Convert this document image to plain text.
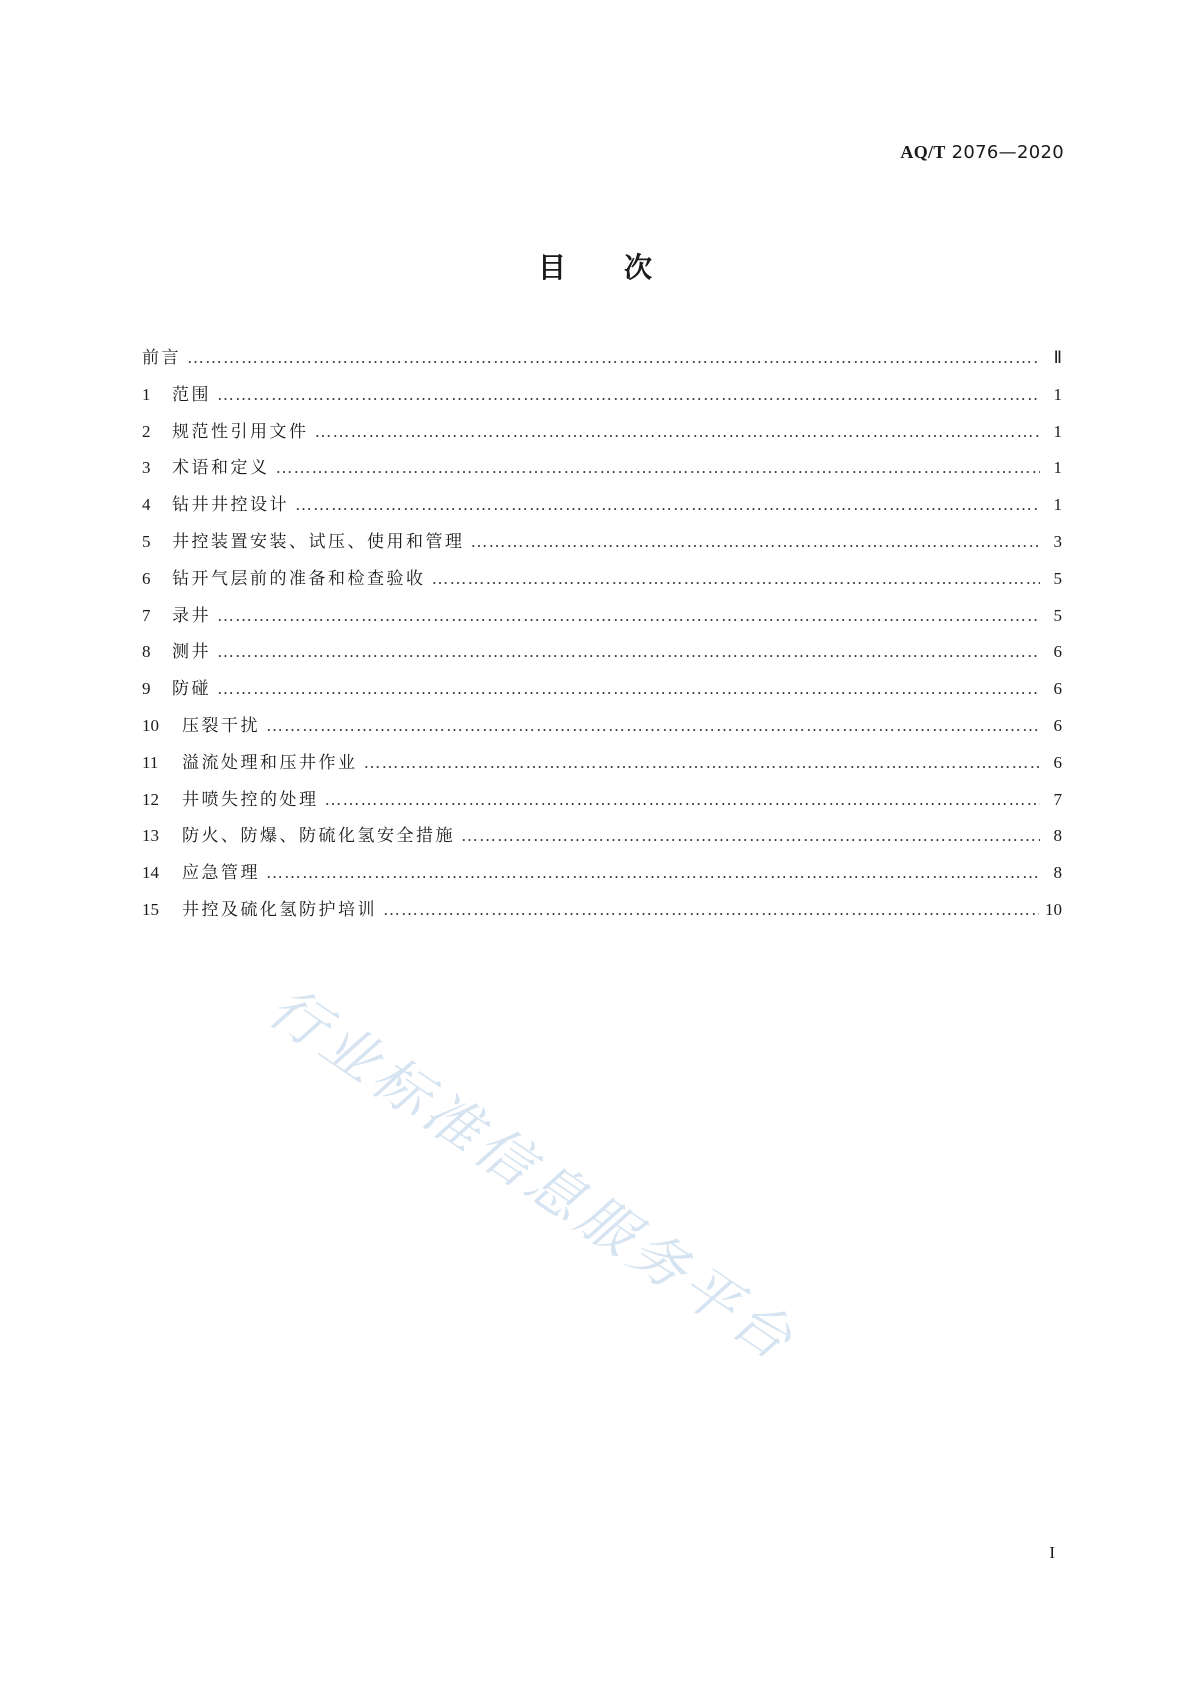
AQ/T 2076—2020
目次
前言 ……………………………………………………………………………………………………………………………………………………	Ⅱ
1 范围 ……………………………………………………………………………………………………………………………………………………	1
2 规范性引用文件 ……………………………………………………………………………………………………………………………………………………	1
3 术语和定义 ……………………………………………………………………………………………………………………………………………………	1
4 钻井井控设计 ……………………………………………………………………………………………………………………………………………………	1
5 井控装置安装、试压、使用和管理 ……………………………………………………………………………………………………………………………………………………	3
6 钻开气层前的准备和检查验收 ……………………………………………………………………………………………………………………………………………………	5
7 录井 ……………………………………………………………………………………………………………………………………………………	5
8 测井 ……………………………………………………………………………………………………………………………………………………	6
9 防碰 ……………………………………………………………………………………………………………………………………………………	6
10 压裂干扰 ……………………………………………………………………………………………………………………………………………………	6
11 溢流处理和压井作业 ……………………………………………………………………………………………………………………………………………………	6
12 井喷失控的处理 ……………………………………………………………………………………………………………………………………………………	7
13 防火、防爆、防硫化氢安全措施 ……………………………………………………………………………………………………………………………………………………	8
14 应急管理 ……………………………………………………………………………………………………………………………………………………	8
15 井控及硫化氢防护培训 ……………………………………………………………………………………………………………………………………………………	10
行业标准信息服务平台
I
